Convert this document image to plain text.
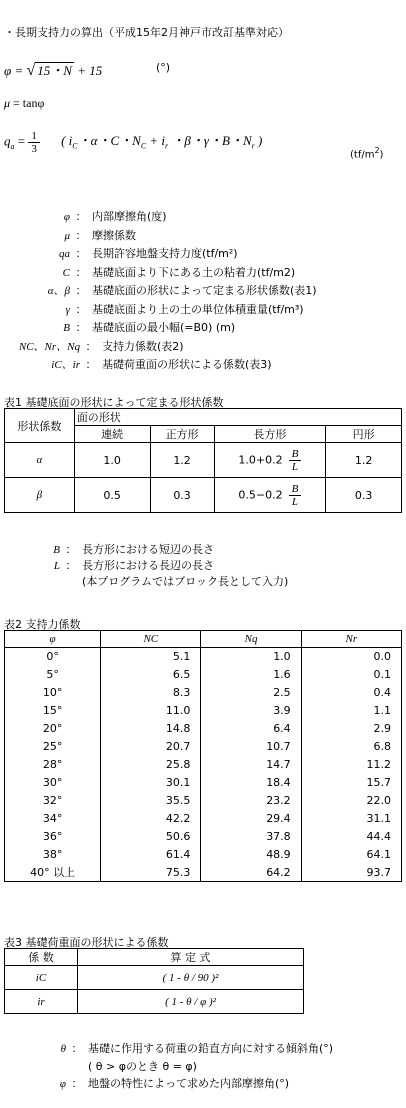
・長期支持力の算出（平成15年2月神戸市改訂基準対応）
φ = √ 15・N + 15	(°)
μ = tanφ
$q_a = \frac{1}{3}$ ( $i_C$・α・C・$N_C + i_r$ ・β・γ・B・$N_r$ )
$(tf/m^2)$
φ ： 内部摩擦角(度)
μ ： 摩擦係数
qa ： 長期許容地盤支持力度(tf/m²)
C ： 基礎底面より下にある土の粘着力(tf/m2)
α、β ： 基礎底面の形状によって定まる形状係数(表1)
γ ： 基礎底面より上の土の単位体積重量(tf/m³)
B ： 基礎底面の最小幅(=B0) (m)
NC、Nr、Nq ： 支持力係数(表2)
iC、ir ： 基礎荷重面の形状による係数(表3)
表1 基礎底面の形状によって定まる形状係数
形状係数	面の形状			
	連続	正方形	長方形	円形
α	1.0	1.2	$1.0+0.2 \frac{B}{L}$	1.2
β	0.5	0.3	$0.5-0.2 \frac{B}{L}$	0.3
B ： 長方形における短辺の長さ
L ： 長方形における長辺の長さ
(本プログラムではブロック長として入力)
表2 支持力係数
φ	NC	Nq	Nr
0°	5.1	1.0	0.0
5°	6.5	1.6	0.1
10°	8.3	2.5	0.4
15°	11.0	3.9	1.1
20°	14.8	6.4	2.9
25°	20.7	10.7	6.8
28°	25.8	14.7	11.2
30°	30.1	18.4	15.7
32°	35.5	23.2	22.0
34°	42.2	29.4	31.1
36°	50.6	37.8	44.4
38°	61.4	48.9	64.1
40° 以上	75.3	64.2	93.7
表3 基礎荷重面の形状による係数
係 数	算 定 式
iC	( 1 - θ / 90 )²
ir	( 1 - θ / φ )²
θ ： 基礎に作用する荷重の鉛直方向に対する傾斜角(°)
( θ > φのとき θ = φ)
φ ： 地盤の特性によって求めた内部摩擦角(°)
